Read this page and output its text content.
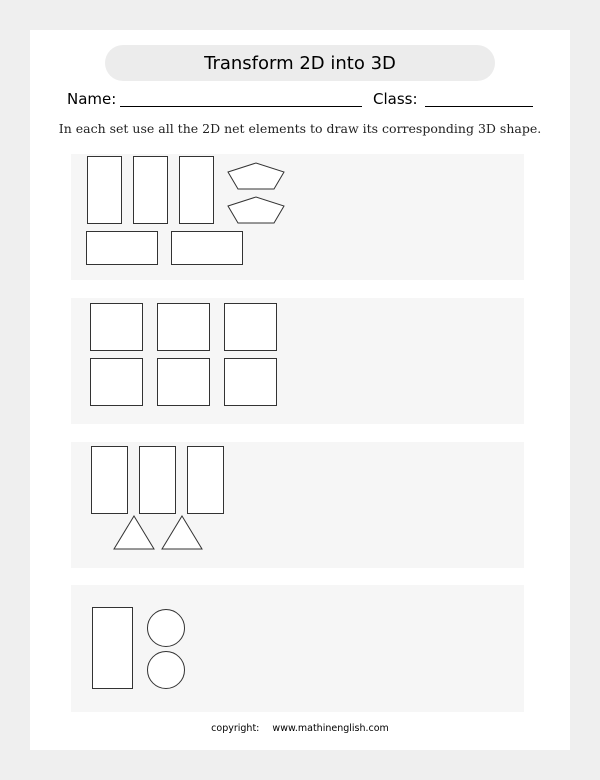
Transform 2D into 3D
Name:	Class:
In each set use all the 2D net elements to draw its corresponding 3D shape.
copyright: www.mathinenglish.com
